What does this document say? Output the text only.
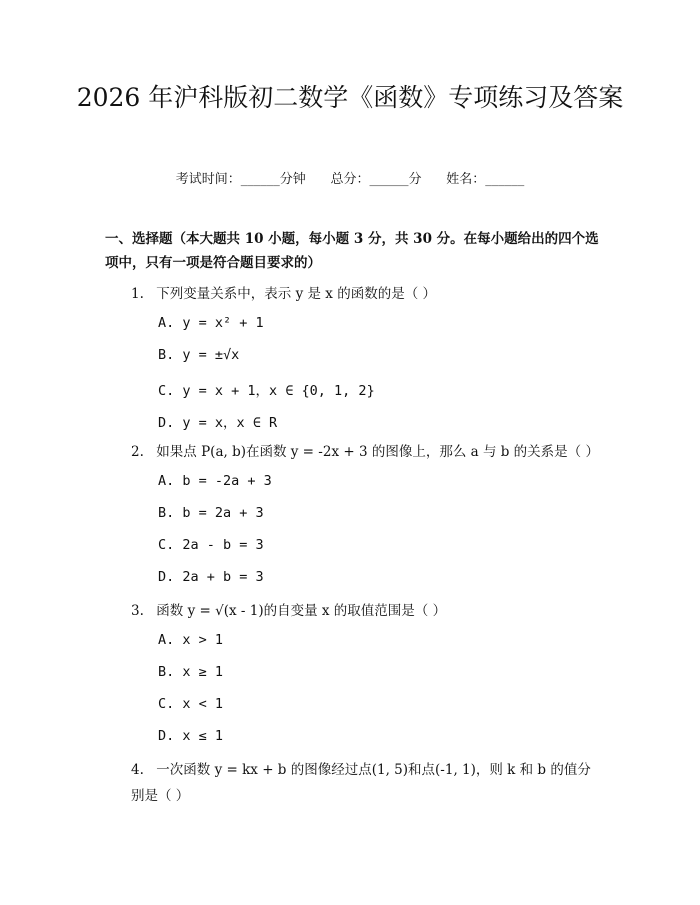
2026 年沪科版初二数学《函数》专项练习及答案
考试时间：______分钟      总分：______分      姓名：______
一、选择题（本大题共 10 小题，每小题 3 分，共 30 分。在每小题给出的四个选项中，只有一项是符合题目要求的）
1. 下列变量关系中，表示 y 是 x 的函数的是（ ）
A. y = x² + 1
B. y = ±√x
C. y = x + 1，x ∈ {0, 1, 2}
D. y = x，x ∈ R
2. 如果点 P(a, b)在函数 y = -2x + 3 的图像上，那么 a 与 b 的关系是（ ）
A. b = -2a + 3
B. b = 2a + 3
C. 2a - b = 3
D. 2a + b = 3
3. 函数 y = √(x - 1)的自变量 x 的取值范围是（ ）
A. x > 1
B. x ≥ 1
C. x < 1
D. x ≤ 1
4. 一次函数 y = kx + b 的图像经过点(1, 5)和点(-1, 1)，则 k 和 b 的值分别是（ ）
